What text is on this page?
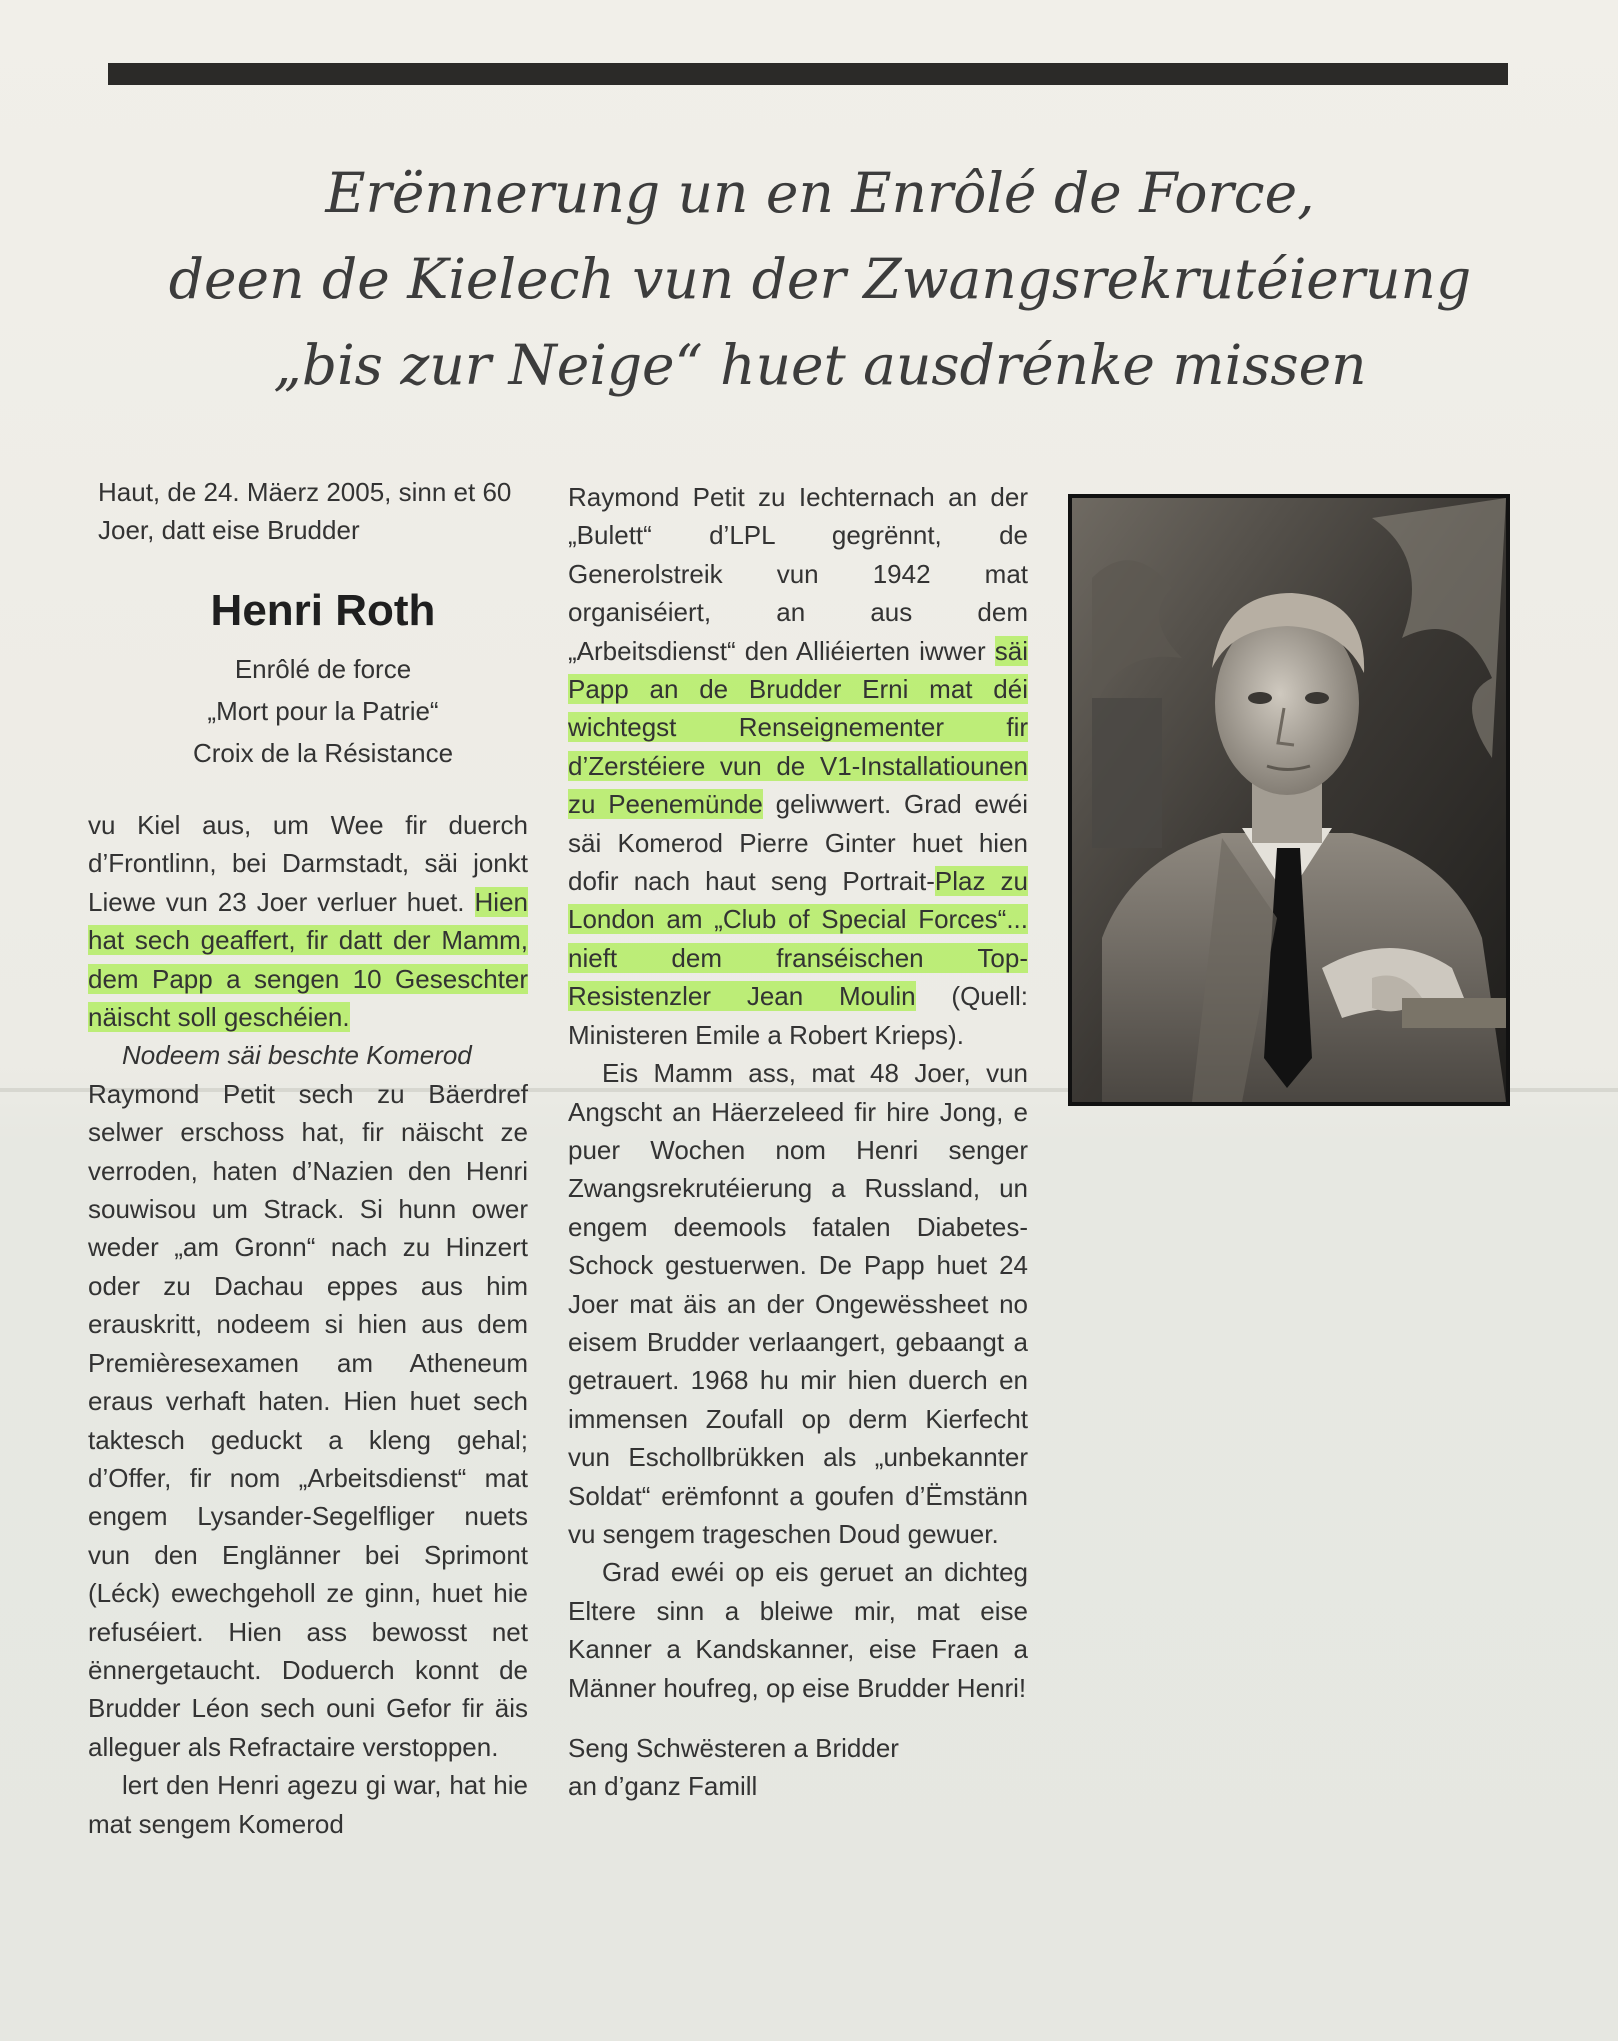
Erënnerung un en Enrôlé de Force,
deen de Kielech vun der Zwangsrekrutéierung
„bis zur Neige“ huet ausdrénke missen

Haut, de 24. Mäerz 2005, sinn et 60 Joer, datt eise Brudder

Henri Roth
Enrôlé de force
„Mort pour la Patrie“
Croix de la Résistance

vu Kiel aus, um Wee fir duerch d’Frontlinn, bei Darmstadt, säi jonkt Liewe vun 23 Joer verluer huet. Hien hat sech geaffert, fir datt der Mamm, dem Papp a sengen 10 Geseschter näischt soll geschéien.

Nodeem säi beschte Komerod Raymond Petit sech zu Bäerdref selwer erschoss hat, fir näischt ze verroden, haten d’Nazien den Henri souwisou um Strack. Si hunn ower weder „am Gronn“ nach zu Hinzert oder zu Dachau eppes aus him erauskritt, nodeem si hien aus dem Premièresexamen am Atheneum eraus verhaft haten. Hien huet sech taktesch geduckt a kleng gehal; d’Offer, fir nom „Arbeitsdienst“ mat engem Lysander-Segelfliger nuets vun den Englänner bei Sprimont (Léck) ewechgeholl ze ginn, huet hie refuséiert. Hien ass bewosst net ënnergetaucht. Doduerch konnt de Brudder Léon sech ouni Gefor fir äis alleguer als Refractaire verstoppen.

lert den Henri agezu gi war, hat hie mat sengem Komerod

Raymond Petit zu Iechternach an der „Bulett“ d’LPL gegrënnt, de Generolstreik vun 1942 mat organiséiert, an aus dem „Arbeitsdienst“ den Alliéierten iwwer säi Papp an de Brudder Erni mat déi wichtegst Renseignementer fir d’Zerstéiere vun de V1-Installatiounen zu Peenemünde geliwwert. Grad ewéi säi Komerod Pierre Ginter huet hien dofir nach haut seng Portrait-Plaz zu London am „Club of Special Forces“... nieft dem franséischen Top-Resistenzler Jean Moulin (Quell: Ministeren Emile a Robert Krieps).

Eis Mamm ass, mat 48 Joer, vun Angscht an Häerzeleed fir hire Jong, e puer Wochen nom Henri senger Zwangsrekrutéierung a Russland, un engem deemools fatalen Diabetes-Schock gestuerwen. De Papp huet 24 Joer mat äis an der Ongewëssheet no eisem Brudder verlaangert, gebaangt a getrauert. 1968 hu mir hien duerch en immensen Zoufall op derm Kierfecht vun Eschollbrükken als „unbekannter Soldat“ erëmfonnt a goufen d’Ëmstänn vu sengem trageschen Doud gewuer.

Grad ewéi op eis geruet an dichteg Eltere sinn a bleiwe mir, mat eise Kanner a Kandskanner, eise Fraen a Männer houfreg, op eise Brudder Henri!

Seng Schwësteren a Bridder
an d’ganz Famill
